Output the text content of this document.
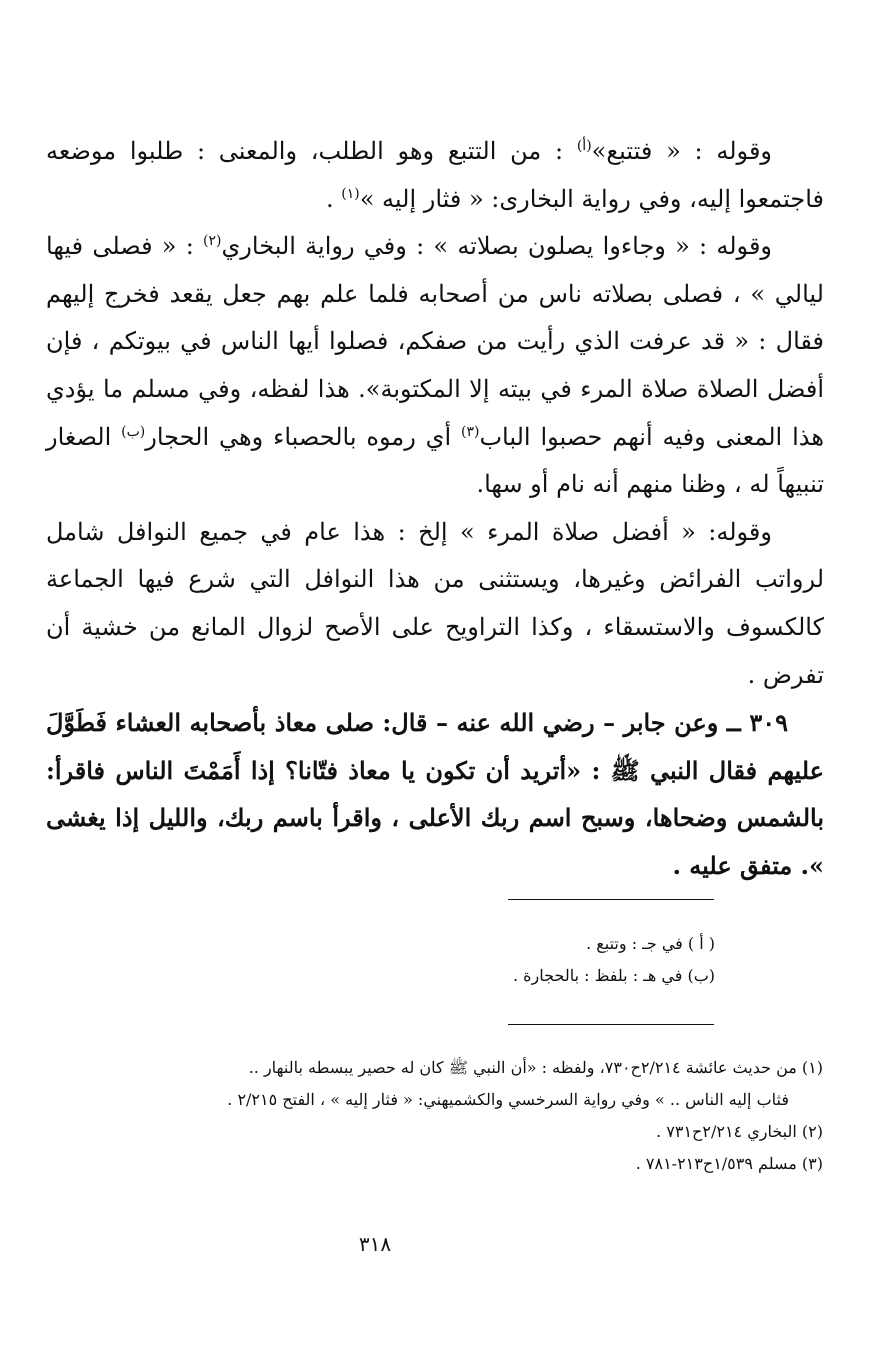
وقوله : « فتتبع»$^{(أ)}$ : من التتبع وهو الطلب، والمعنى : طلبوا موضعه فاجتمعوا إليه، وفي رواية البخارى: « فثار إليه »$^{(١)}$ .

وقوله : « وجاءوا يصلون بصلاته » : وفي رواية البخاري$^{(٢)}$ : « فصلى فيها ليالي » ، فصلى بصلاته ناس من أصحابه فلما علم بهم جعل يقعد فخرج إليهم فقال : « قد عرفت الذي رأيت من صفكم، فصلوا أيها الناس في بيوتكم ، فإن أفضل الصلاة صلاة المرء في بيته إلا المكتوبة». هذا لفظه، وفي مسلم ما يؤدي هذا المعنى وفيه أنهم حصبوا الباب$^{(٣)}$ أي رموه بالحصباء وهي الحجار$^{(ب)}$ الصغار تنبيهاً له ، وظنا منهم أنه نام أو سها.

وقوله: « أفضل صلاة المرء » إلخ : هذا عام في جميع النوافل شامل لرواتب الفرائض وغيرها، ويستثنى من هذا النوافل التي شرع فيها الجماعة كالكسوف والاستسقاء ، وكذا التراويح على الأصح لزوال المانع من خشية أن تفرض .

٣٠٩ ــ وعن جابر – رضي الله عنه – قال: صلى معاذ بأصحابه العشاء فَطَوَّلَ عليهم فقال النبي ﷺ : «أتريد أن تكون يا معاذ فتّانا؟ إذا أَمَمْتَ الناس فاقرأ: بالشمس وضحاها، وسبح اسم ربك الأعلى ، واقرأ باسم ربك، والليل إذا يغشى ». متفق عليه .

( أ ) في جـ : وتتبع .
(ب) في هـ : بلفظ : بالحجارة .
(١) من حديث عائشة ٢/٢١٤ح٧٣٠، ولفظه : «أن النبي ﷺ كان له حصير يبسطه بالنهار ..
فثاب إليه الناس .. » وفي رواية السرخسي والكشميهني: « فثار إليه » ، الفتح ٢/٢١٥ .
(٢) البخاري ٢/٢١٤ح٧٣١ .
(٣) مسلم ١/٥٣٩ح٢١٣-٧٨١ .
٣١٨
